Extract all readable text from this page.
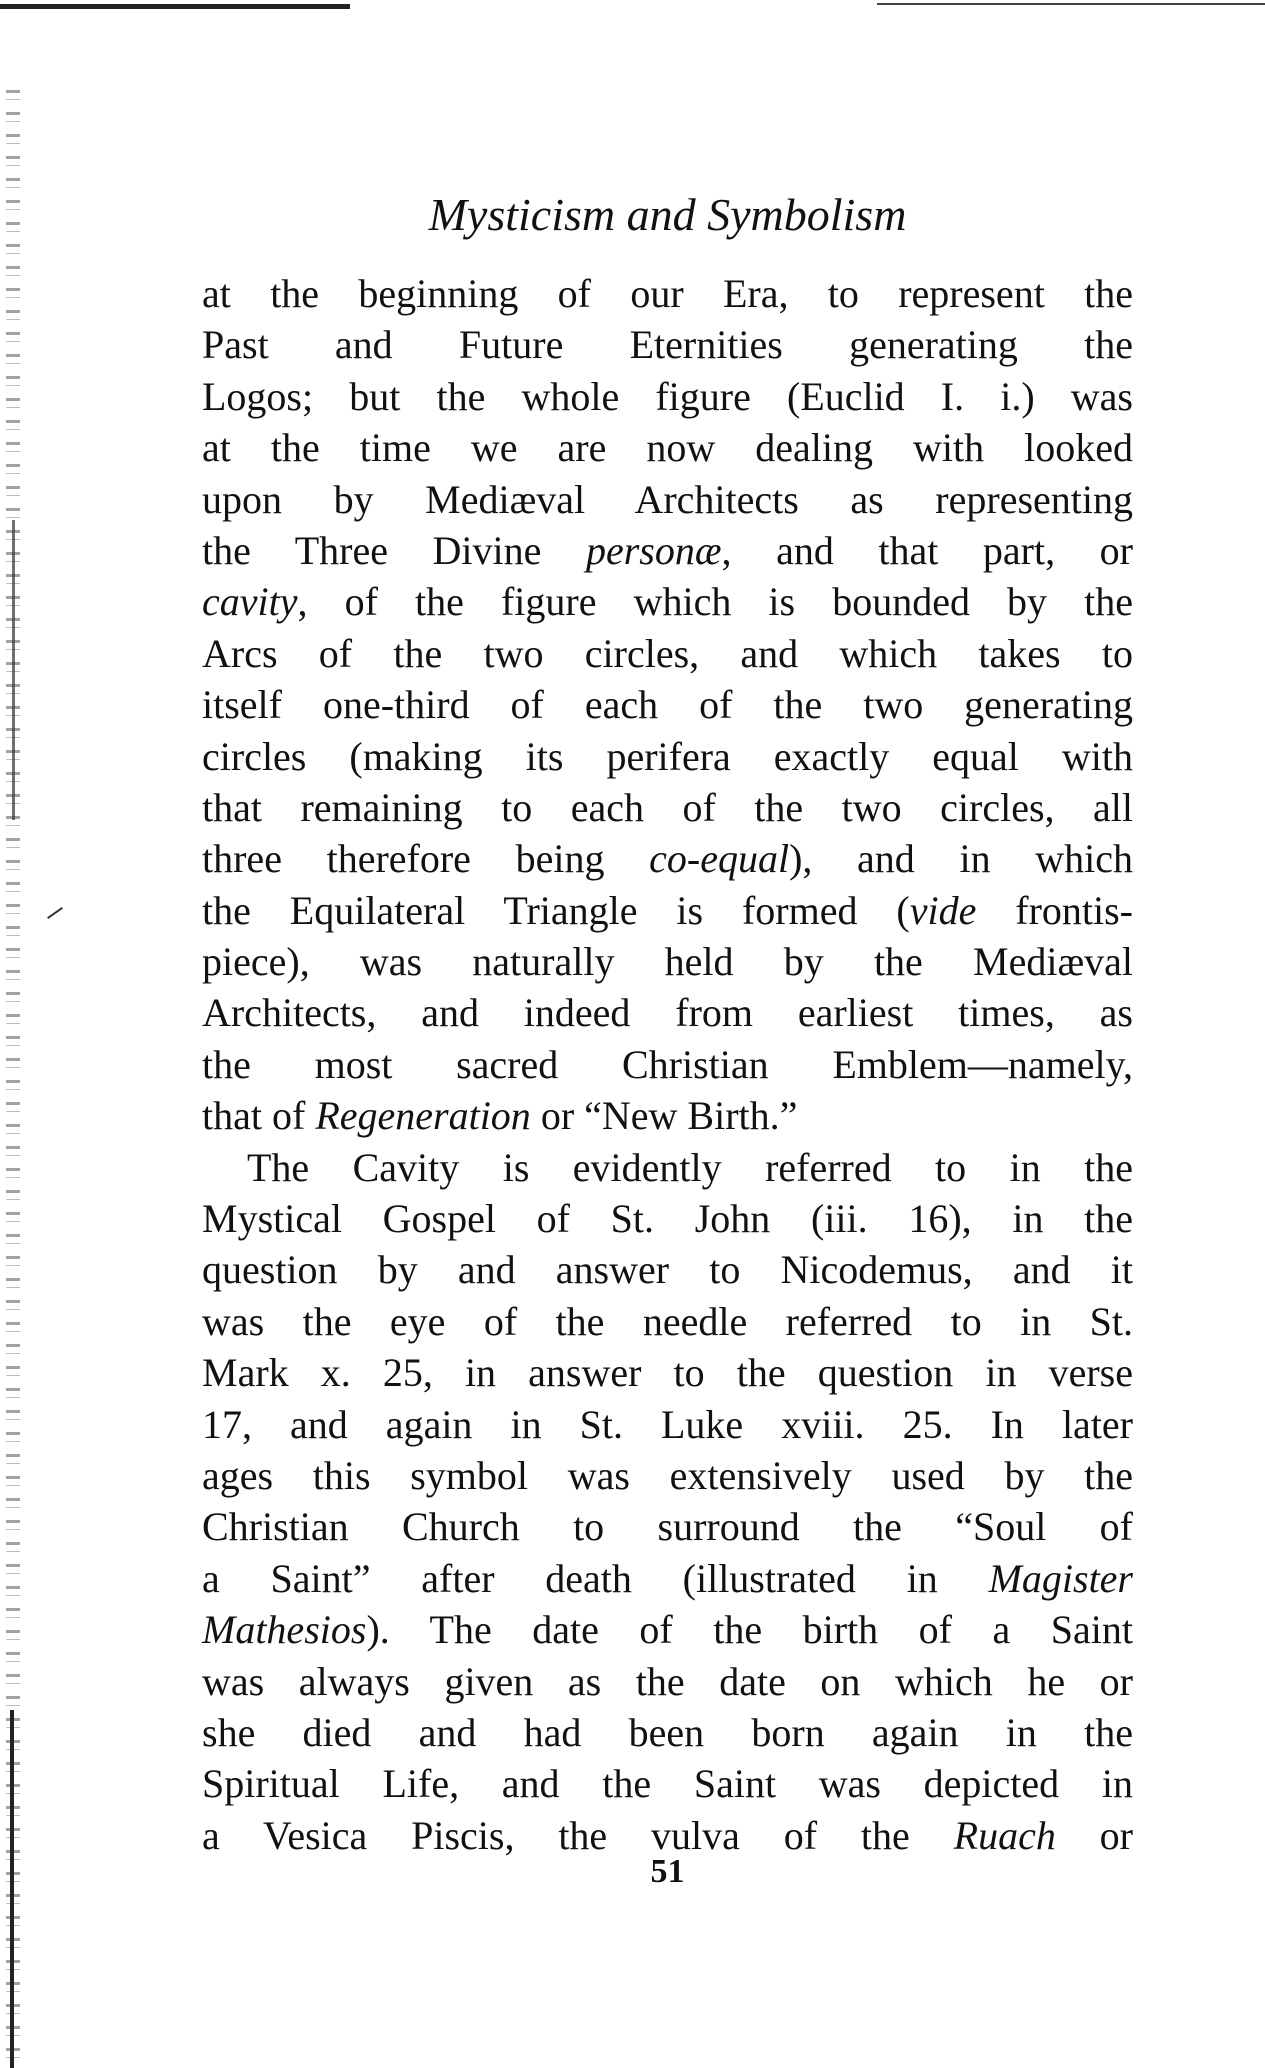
Mysticism and Symbolism
at the beginning of our Era, to represent the
Past and Future Eternities generating the
Logos; but the whole figure (Euclid I. i.) was
at the time we are now dealing with looked
upon by Mediæval Architects as representing
the Three Divine personæ, and that part, or
cavity, of the figure which is bounded by the
Arcs of the two circles, and which takes to
itself one-third of each of the two generating
circles (making its perifera exactly equal with
that remaining to each of the two circles, all
three therefore being co-equal), and in which
the Equilateral Triangle is formed (vide frontis-
piece), was naturally held by the Mediæval
Architects, and indeed from earliest times, as
the most sacred Christian Emblem—namely,
that of Regeneration or “New Birth.”
The Cavity is evidently referred to in the
Mystical Gospel of St. John (iii. 16), in the
question by and answer to Nicodemus, and it
was the eye of the needle referred to in St.
Mark x. 25, in answer to the question in verse
17, and again in St. Luke xviii. 25. In later
ages this symbol was extensively used by the
Christian Church to surround the “Soul of
a Saint” after death (illustrated in Magister
Mathesios). The date of the birth of a Saint
was always given as the date on which he or
she died and had been born again in the
Spiritual Life, and the Saint was depicted in
a Vesica Piscis, the vulva of the Ruach or
51
